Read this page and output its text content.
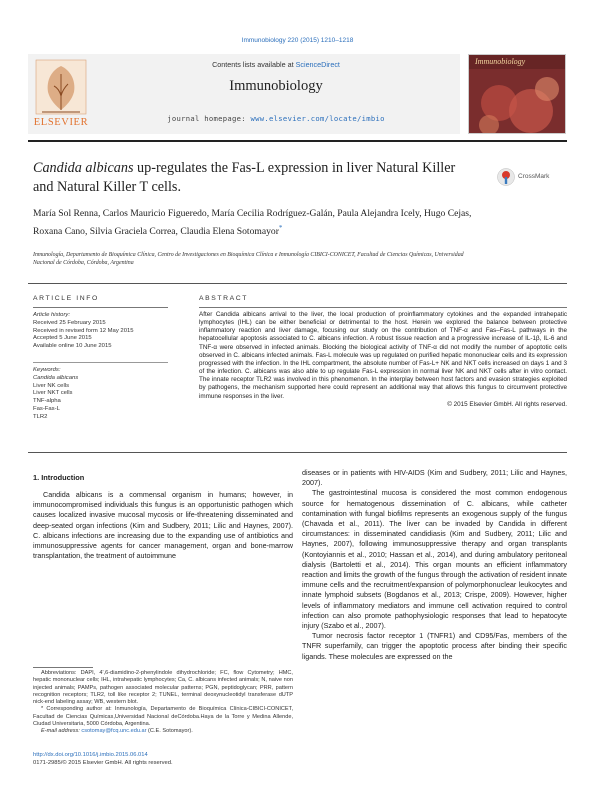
Immunobiology 220 (2015) 1210–1218
ELSEVIER
Contents lists available at ScienceDirect
Immunobiology
journal homepage: www.elsevier.com/locate/imbio
Immunobiology
Candida albicans up-regulates the Fas-L expression in liver Natural Killer and Natural Killer T cells.
CrossMark
María Sol Renna, Carlos Mauricio Figueredo, María Cecilia Rodríguez-Galán, Paula Alejandra Icely, Hugo Cejas, Roxana Cano, Silvia Graciela Correa, Claudia Elena Sotomayor*
Inmunología, Departamento de Bioquímica Clínica, Centro de Investigaciones en Bioquímica Clínica e Inmunología CIBICI-CONICET, Facultad de Ciencias Químicas, Universidad Nacional de Córdoba, Córdoba, Argentina
ARTICLE INFO	ABSTRACT
Article history:
Received 25 February 2015
Received in revised form 12 May 2015
Accepted 5 June 2015
Available online 10 June 2015
Keywords:
Candida albicans
Liver NK cells
Liver NKT cells
TNF-alpha
Fas-Fas-L
TLR2
After Candida albicans arrival to the liver, the local production of proinflammatory cytokines and the expanded intrahepatic lymphocytes (IHL) can be either beneficial or detrimental to the host. Herein we explored the balance between protective inflammatory reaction and liver damage, focusing our study on the contribution of TNF-α and Fas–Fas-L pathways in the hepatocellular apoptosis associated to C. albicans infection. A robust tissue reaction and a progressive increase of IL-1β, IL-6 and TNF-α were observed in infected animals. Blocking the biological activity of TNF-α did not modify the number of apoptotic cells observed in C. albicans infected animals. Fas-L molecule was up regulated on purified hepatic mononuclear cells and its expression progressed with the infection. In the IHL compartment, the absolute number of Fas-L+ NK and NKT cells increased on days 1 and 3 of the infection. C. albicans was also able to up regulate Fas-L expression in normal liver NK and NKT cells after in vitro contact. The innate receptor TLR2 was involved in this phenomenon. In the interplay between host factors and evasion strategies exploited by pathogens, the mechanism supported here could represent an additional way that allows this fungus to circumvent protective immune responses in the liver.
© 2015 Elsevier GmbH. All rights reserved.
1. Introduction

Candida albicans is a commensal organism in humans; however, in immunocompromised individuals this fungus is an opportunistic pathogen which causes localized invasive mucosal mycosis or life-threatening disseminated and deep-seated organ infections (Kim and Sudbery, 2011; Lilic and Haynes, 2007). C. albicans infections are increasing due to the expanding use of antibiotics and immunosuppressive agents for cancer management, organ and bone-marrow transplantation, the treatment of autoimmune

diseases or in patients with HIV-AIDS (Kim and Sudbery, 2011; Lilic and Haynes, 2007).

The gastrointestinal mucosa is considered the most common endogenous source for hematogenous dissemination of C. albicans, while catheter contamination with fungal biofilms represents an exogenous supply of the fungus (Chavada et al., 2011). The liver can be invaded by Candida in different circumstances: in disseminated candidiasis (Kim and Sudbery, 2011; Lilic and Haynes, 2007), following immunosuppressive therapy and organ transplants (Kontoyiannis et al., 2010; Hassan et al., 2014), and during ambulatory peritoneal dialysis (Bartoletti et al., 2014). This organ mounts an efficient inflammatory reaction and limits the growth of the fungus through the activation of resident innate immune cells and the recruitment/expansion of polymorphonuclear leukocytes and innate lymphoid subsets (Bogdanos et al., 2013; Crispe, 2009). However, higher levels of inflammatory mediators and immune cell activation required to control infection can also promote pathophysiologic responses that lead to hepatocyte injury (Szabo et al., 2007).

Tumor necrosis factor receptor 1 (TNFR1) and CD95/Fas, members of the TNFR superfamily, can trigger the apoptotic process after binding their specific ligands. These molecules are expressed on the

Abbreviations: DAPI, 4',6-diamidino-2-phenylindole dihydrochloride; FC, flow Cytometry; HMC, hepatic mononuclear cells; IHL, intrahepatic lymphocytes; Ca, C. albicans infected animals; N, naive non injected animals; PAMPs, pathogen associated molecular patterns; PGN, peptidoglycan; PRR, pattern recognition receptors; TLR2, toll like receptor 2; TUNEL, terminal deoxynucleotidyl transferase dUTP nick-end labeling assay; WB, western blot.

* Corresponding author at: Inmunología, Departamento de Bioquímica Clínica-CIBICI-CONICET, Facultad de Ciencias Químicas,Universidad Nacional deCórdoba.Haya de la Torre y Medina Allende, Ciudad Universitaria, 5000 Córdoba, Argentina.

E-mail address: csotomay@fcq.unc.edu.ar (C.E. Sotomayor).

http://dx.doi.org/10.1016/j.imbio.2015.06.014
0171-2985/© 2015 Elsevier GmbH. All rights reserved.
